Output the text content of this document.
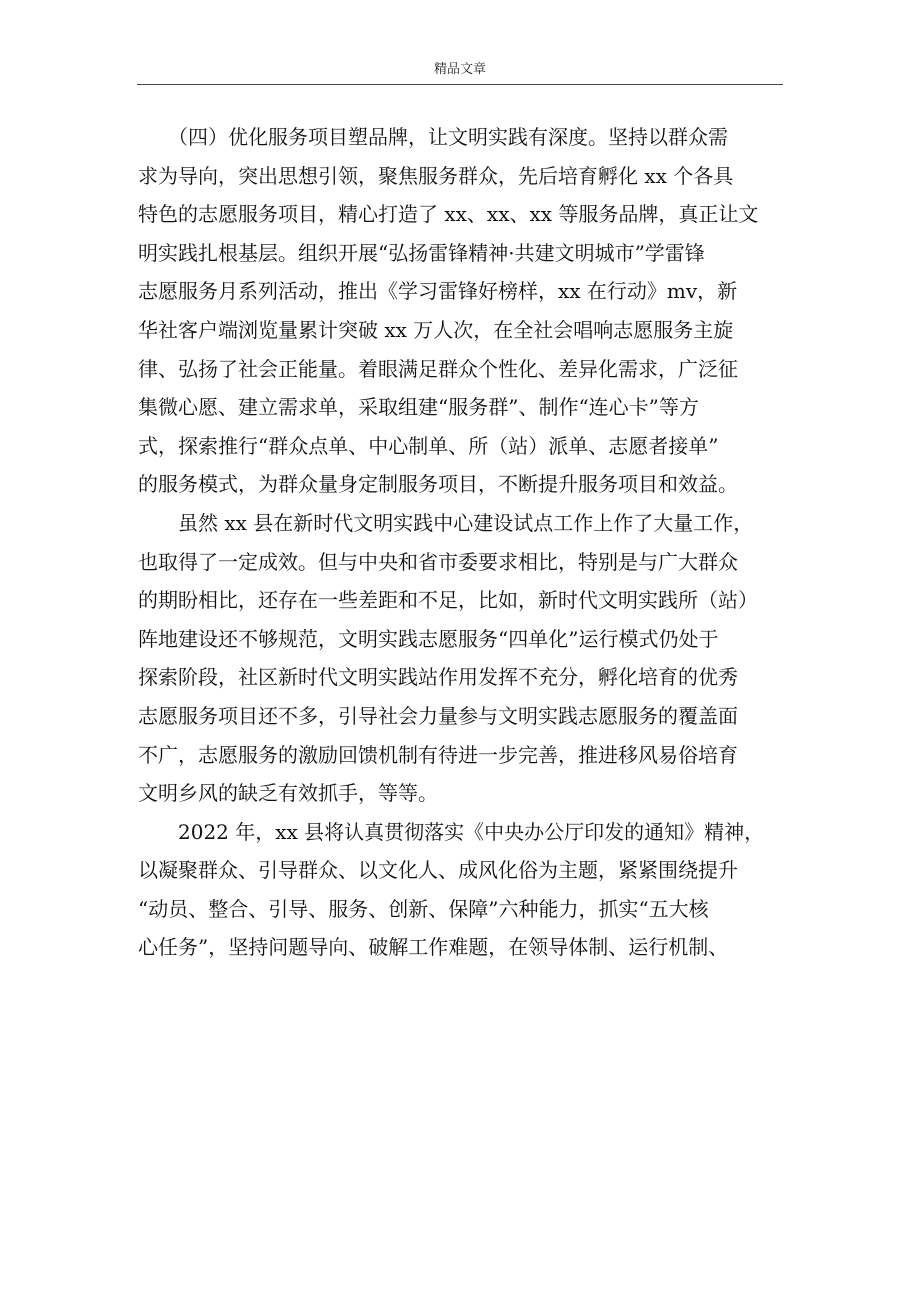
精品文章
　　（四）优化服务项目塑品牌，让文明实践有深度。坚持以群众需
求为导向，突出思想引领，聚焦服务群众，先后培育孵化 xx 个各具
特色的志愿服务项目，精心打造了 xx、xx、xx 等服务品牌，真正让文
明实践扎根基层。组织开展“弘扬雷锋精神·共建文明城市”学雷锋
志愿服务月系列活动，推出《学习雷锋好榜样，xx 在行动》mv，新
华社客户端浏览量累计突破 xx 万人次，在全社会唱响志愿服务主旋
律、弘扬了社会正能量。着眼满足群众个性化、差异化需求，广泛征
集微心愿、建立需求单，采取组建“服务群”、制作“连心卡”等方
式，探索推行“群众点单、中心制单、所（站）派单、志愿者接单”
的服务模式，为群众量身定制服务项目，不断提升服务项目和效益。
　　虽然 xx 县在新时代文明实践中心建设试点工作上作了大量工作，
也取得了一定成效。但与中央和省市委要求相比，特别是与广大群众
的期盼相比，还存在一些差距和不足，比如，新时代文明实践所（站）
阵地建设还不够规范，文明实践志愿服务“四单化”运行模式仍处于
探索阶段，社区新时代文明实践站作用发挥不充分，孵化培育的优秀
志愿服务项目还不多，引导社会力量参与文明实践志愿服务的覆盖面
不广，志愿服务的激励回馈机制有待进一步完善，推进移风易俗培育
文明乡风的缺乏有效抓手，等等。
　　2022 年，xx 县将认真贯彻落实《中央办公厅印发的通知》精神，
以凝聚群众、引导群众、以文化人、成风化俗为主题，紧紧围绕提升
“动员、整合、引导、服务、创新、保障”六种能力，抓实“五大核
心任务”，坚持问题导向、破解工作难题，在领导体制、运行机制、
